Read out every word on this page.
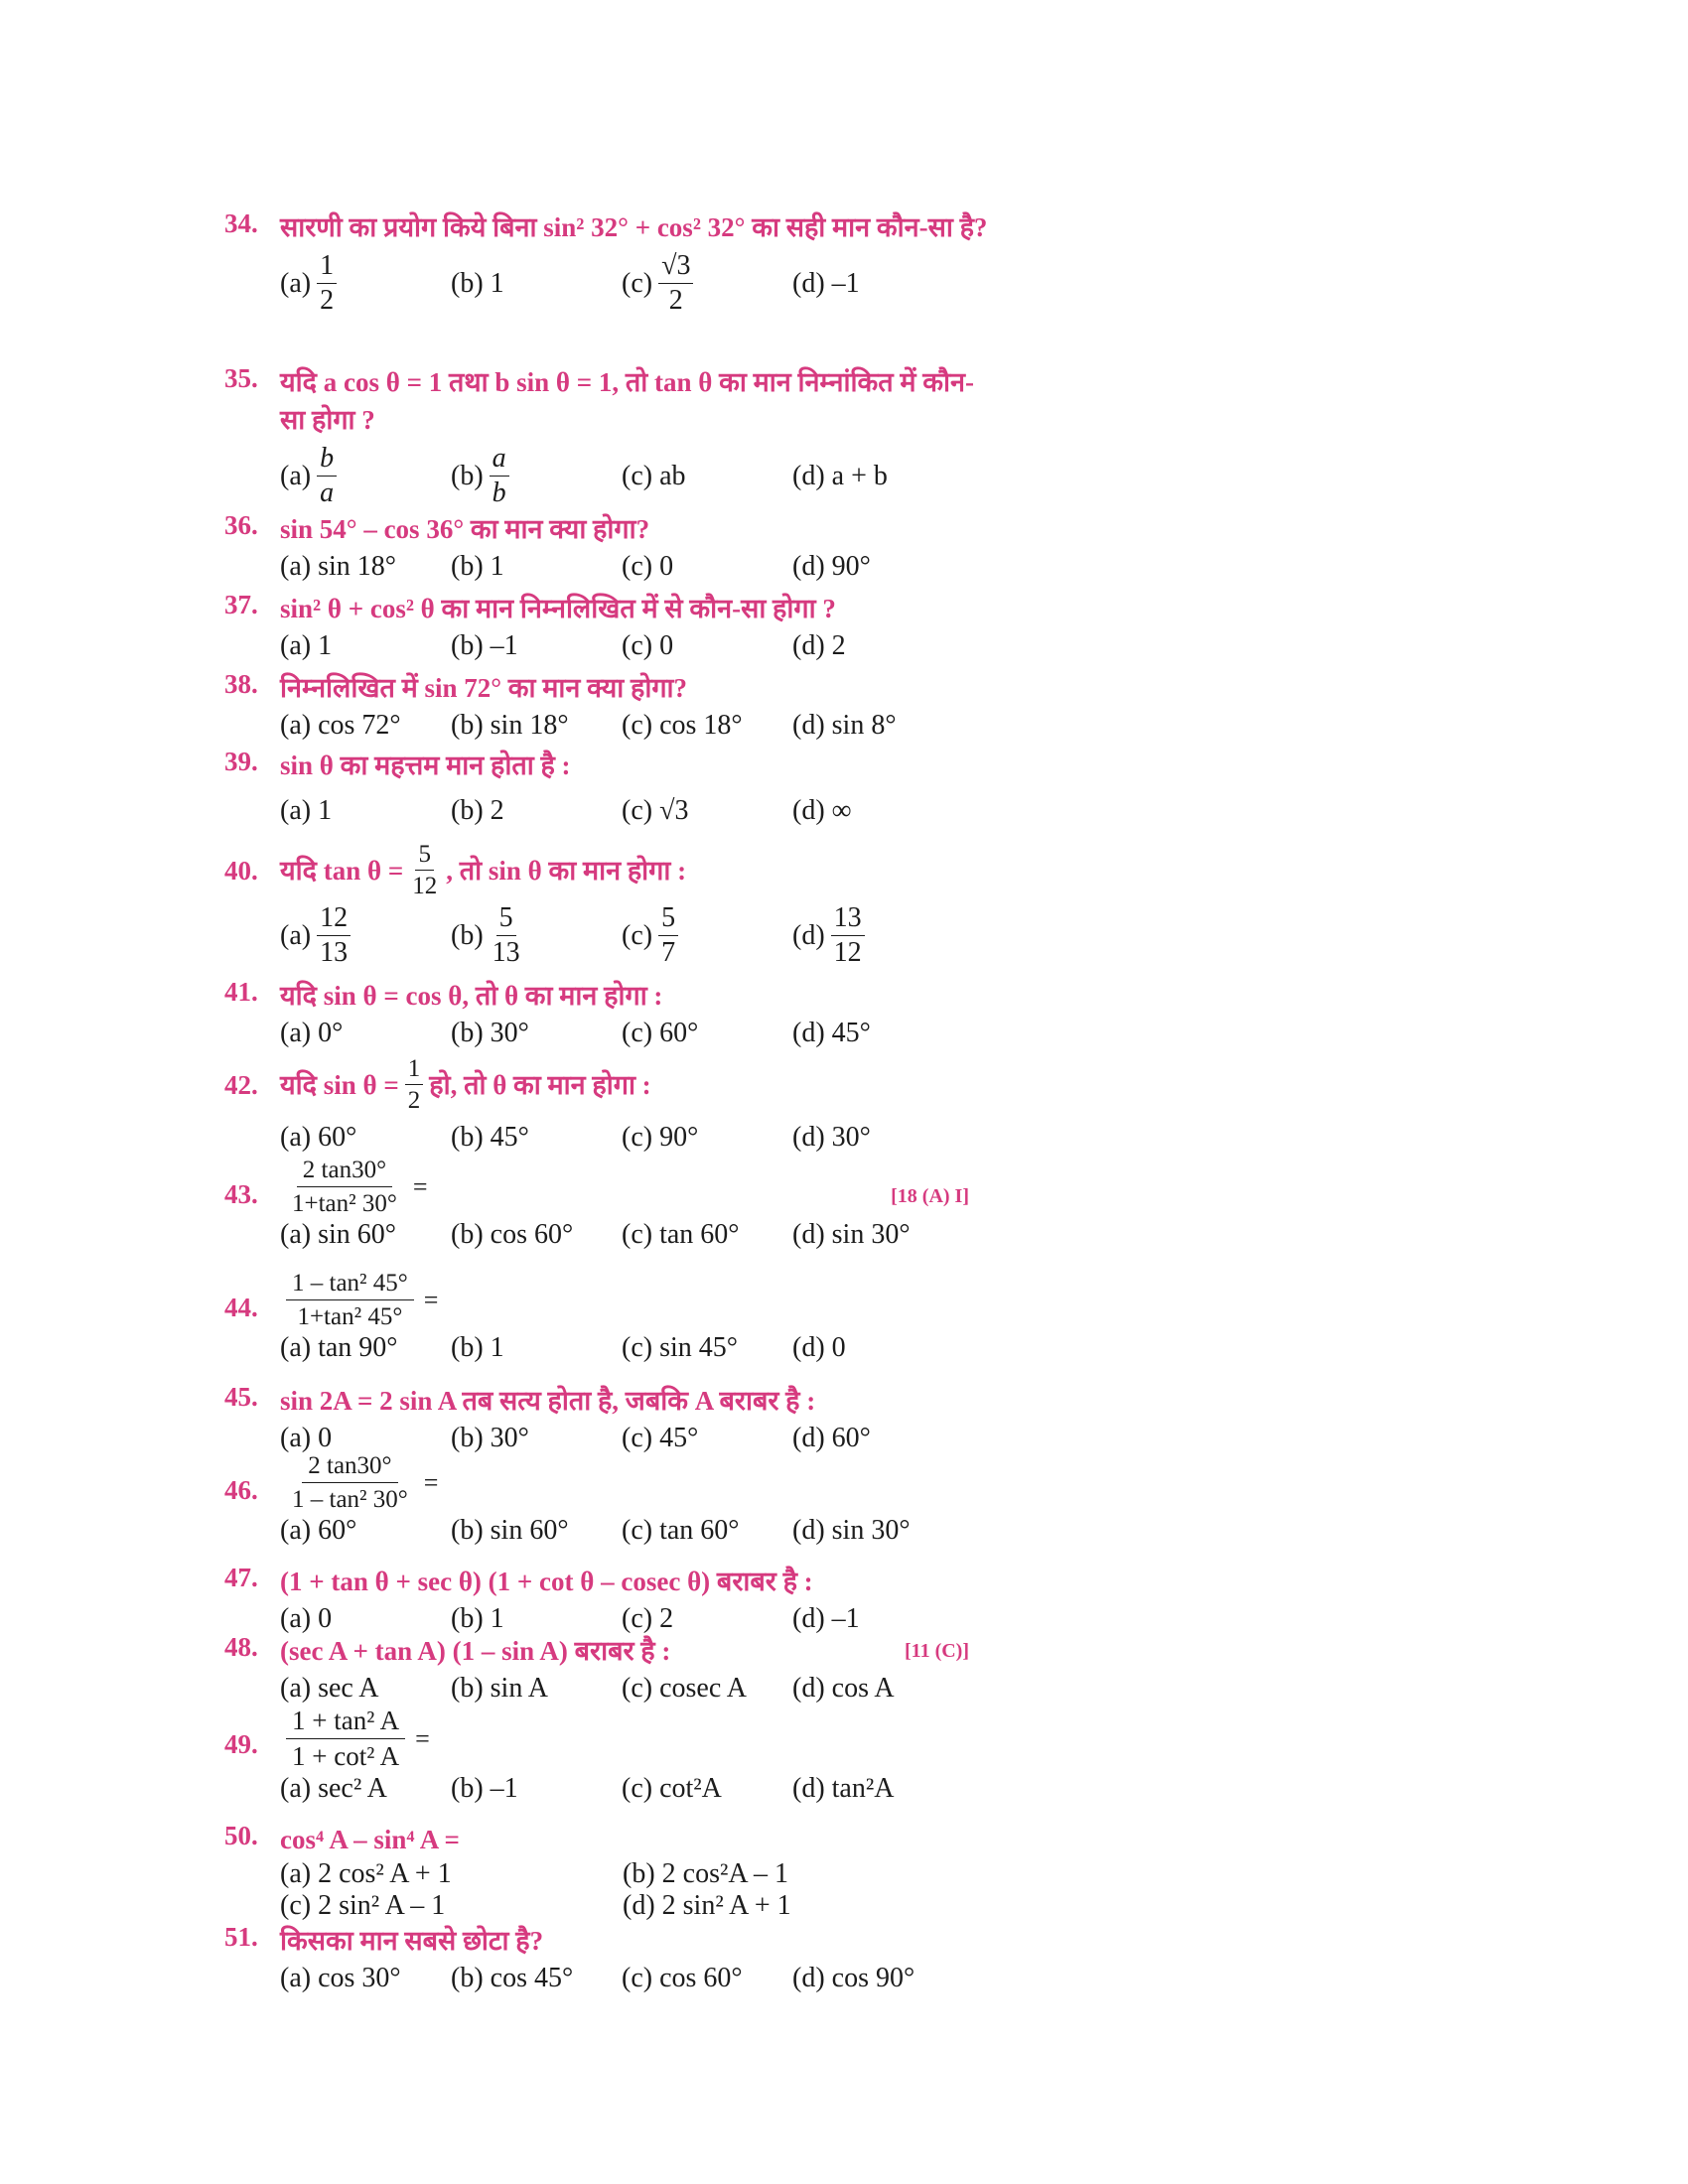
34. सारणी का प्रयोग किये बिना sin² 32° + cos² 32° का सही मान कौन-सा है?
$(a) \frac{1}{2}$	(b) 1	$(c) \frac{√3}{2}$	(d) –1
35. यदि a cos θ = 1 तथा b sin θ = 1, तो tan θ का मान निम्नांकित में कौन-सा होगा ?
$(a) \frac{b}{a}$	$(b) \frac{a}{b}$	(c) ab	(d) a + b
36. sin 54° – cos 36° का मान क्या होगा?
(a) sin 18°	(b) 1	(c) 0	(d) 90°
37. sin² θ + cos² θ का मान निम्नलिखित में से कौन-सा होगा ?
(a) 1	(b) –1	(c) 0	(d) 2
38. निम्नलिखित में sin 72° का मान क्या होगा?
(a) cos 72°	(b) sin 18°	(c) cos 18°	(d) sin 8°
39. sin θ का महत्तम मान होता है :
(a) 1	(b) 2	(c) √3	(d) ∞
40. यदि $\tan \theta = \frac{5}{12}$ , तो sin θ का मान होगा :
$(a) \frac{12}{13}$	$(b) \frac{5}{13}$	$(c) \frac{5}{7}$	$(d) \frac{13}{12}$
41. यदि sin θ = cos θ, तो θ का मान होगा :
(a) 0°	(b) 30°	(c) 60°	(d) 45°
42. यदि $\sin \theta = \frac{1}{2}$ हो, तो θ का मान होगा :
(a) 60°	(b) 45°	(c) 90°	(d) 30°
43.	[18 (A) I]
$\frac{2 \tan 30^\circ}{\text{1+tan² 30°}}$ =
(a) sin 60°	(b) cos 60°	(c) tan 60°	(d) sin 30°
44. $\frac{\text{1 – tan² 45°}}{\text{1+tan² 45°}}$ =
(a) tan 90°	(b) 1	(c) sin 45°	(d) 0
45. sin 2A = 2 sin A तब सत्य होता है, जबकि A बराबर है :
(a) 0	(b) 30°	(c) 45°	(d) 60°
46. $\frac{2 \tan 30^\circ}{\text{1 – tan² 30°}}$ =
(a) 60°	(b) sin 60°	(c) tan 60°	(d) sin 30°
47. (1 + tan θ + sec θ) (1 + cot θ – cosec θ) बराबर है :
(a) 0	(b) 1	(c) 2	(d) –1
48.	[11 (C)]
(sec A + tan A) (1 – sin A) बराबर है :
(a) sec A	(b) sin A	(c) cosec A	(d) cos A
49. $\frac{\text{1 + tan² A}}{\text{1 + cot² A}}$ =
(a) sec² A	(b) –1	(c) cot²A	(d) tan²A
50. cos⁴ A – sin⁴ A =
(a) 2 cos² A + 1	(b) 2 cos²A – 1
(c) 2 sin² A – 1	(d) 2 sin² A + 1
51. किसका मान सबसे छोटा है?
(a) cos 30°	(b) cos 45°	(c) cos 60°	(d) cos 90°
